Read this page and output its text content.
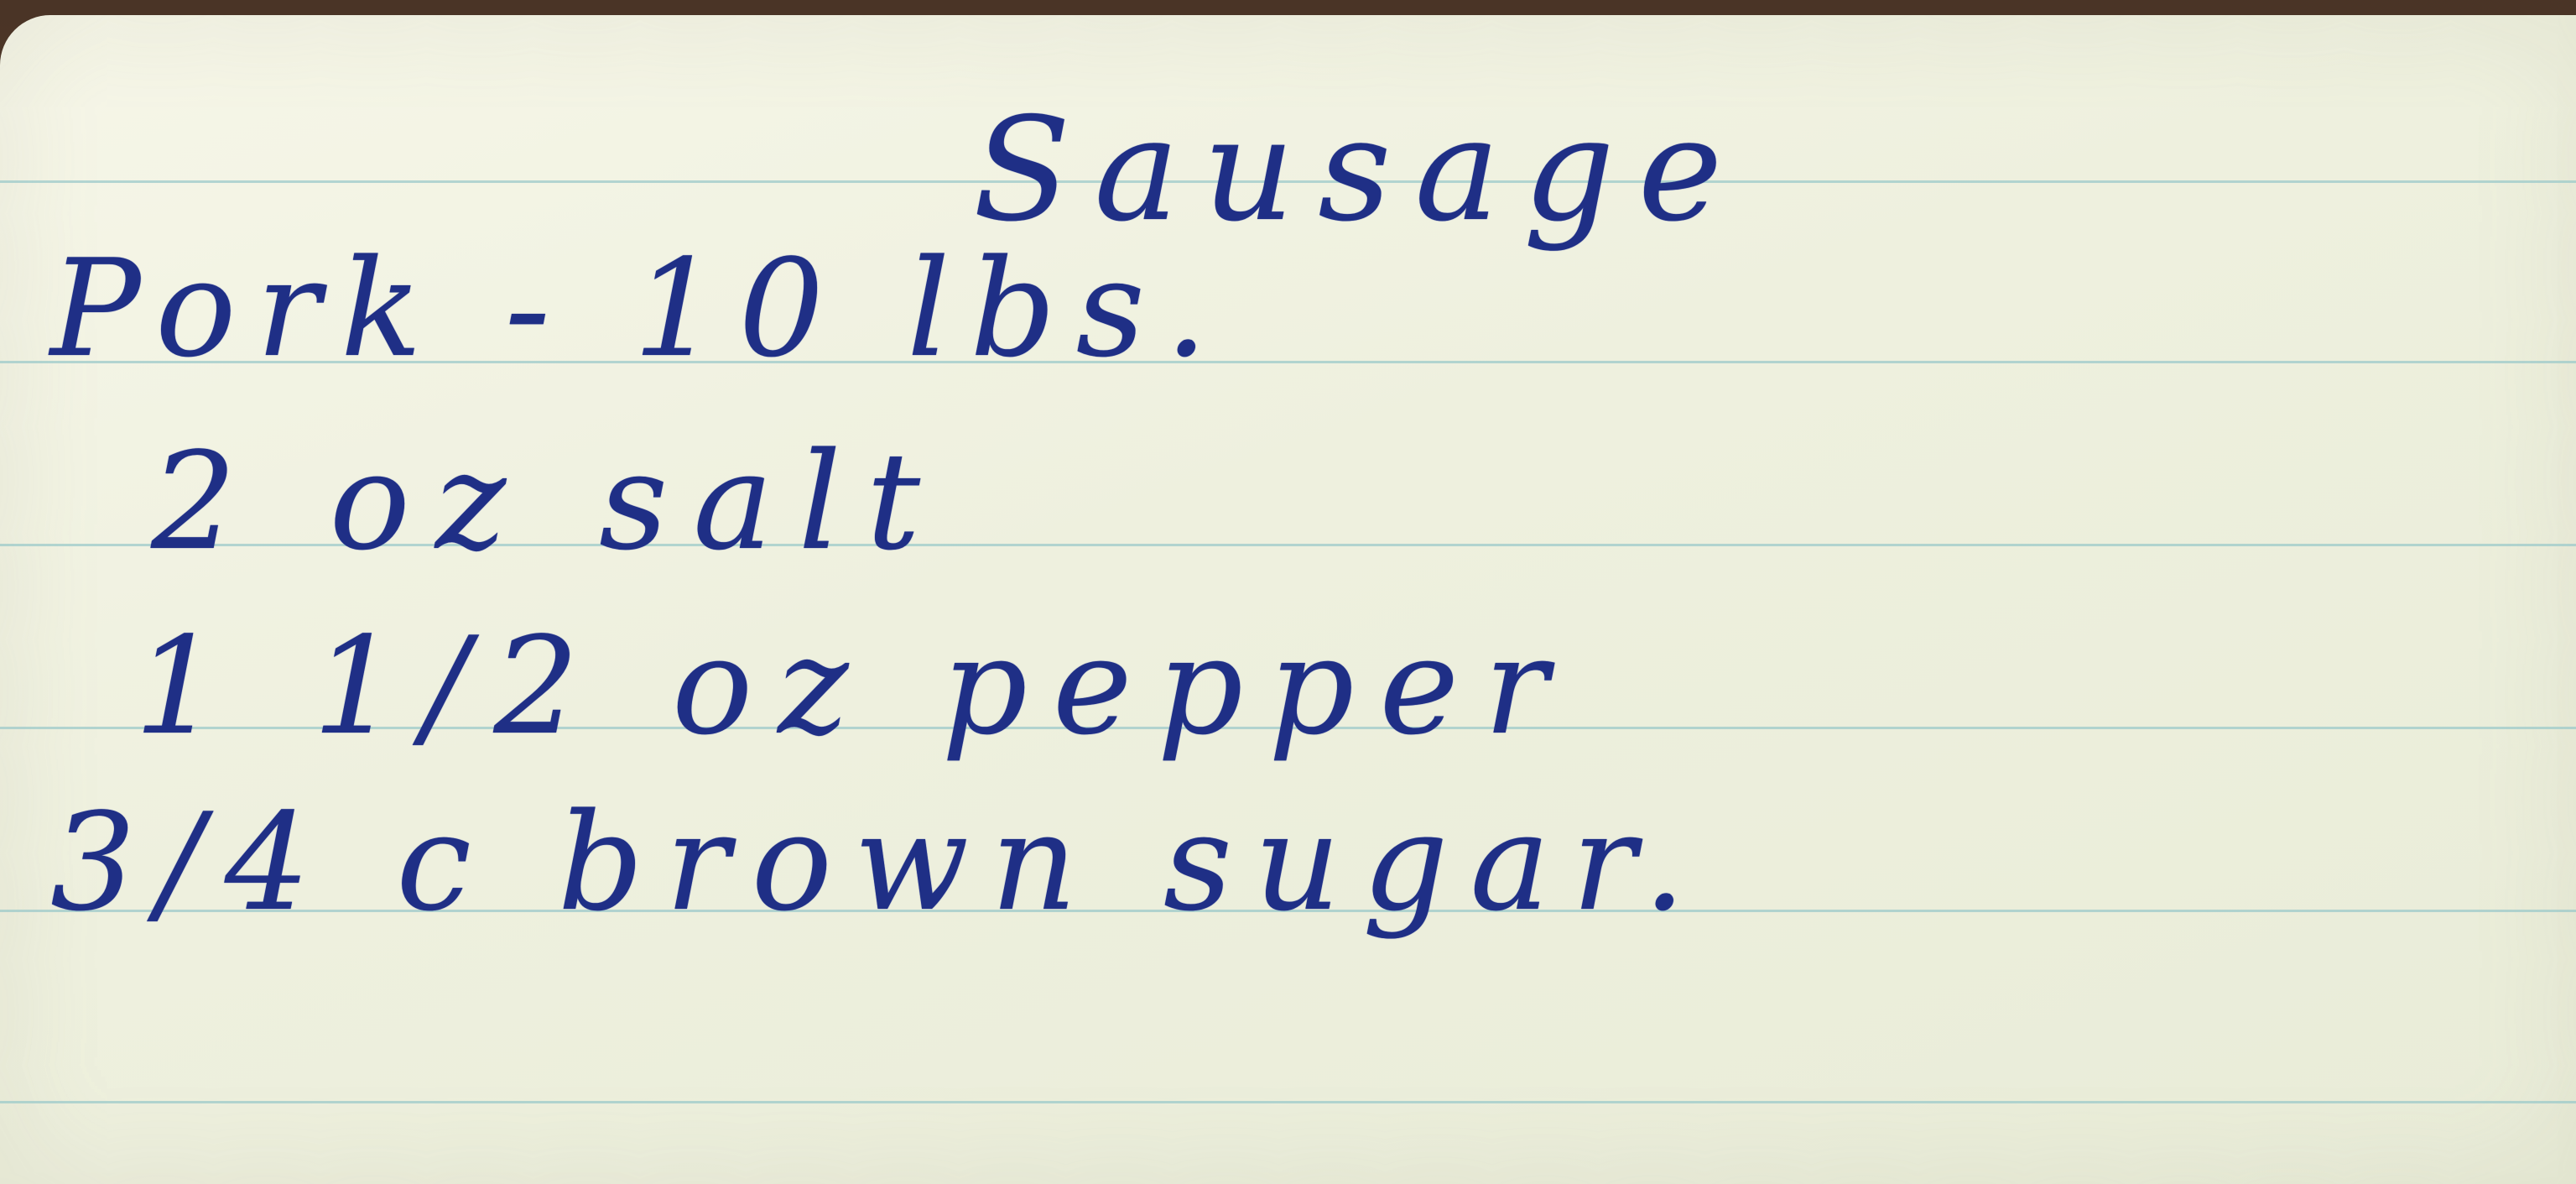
Sausage

Pork - 10 lbs.

2 oz salt

1 1/2 oz pepper

3/4 c brown sugar.
